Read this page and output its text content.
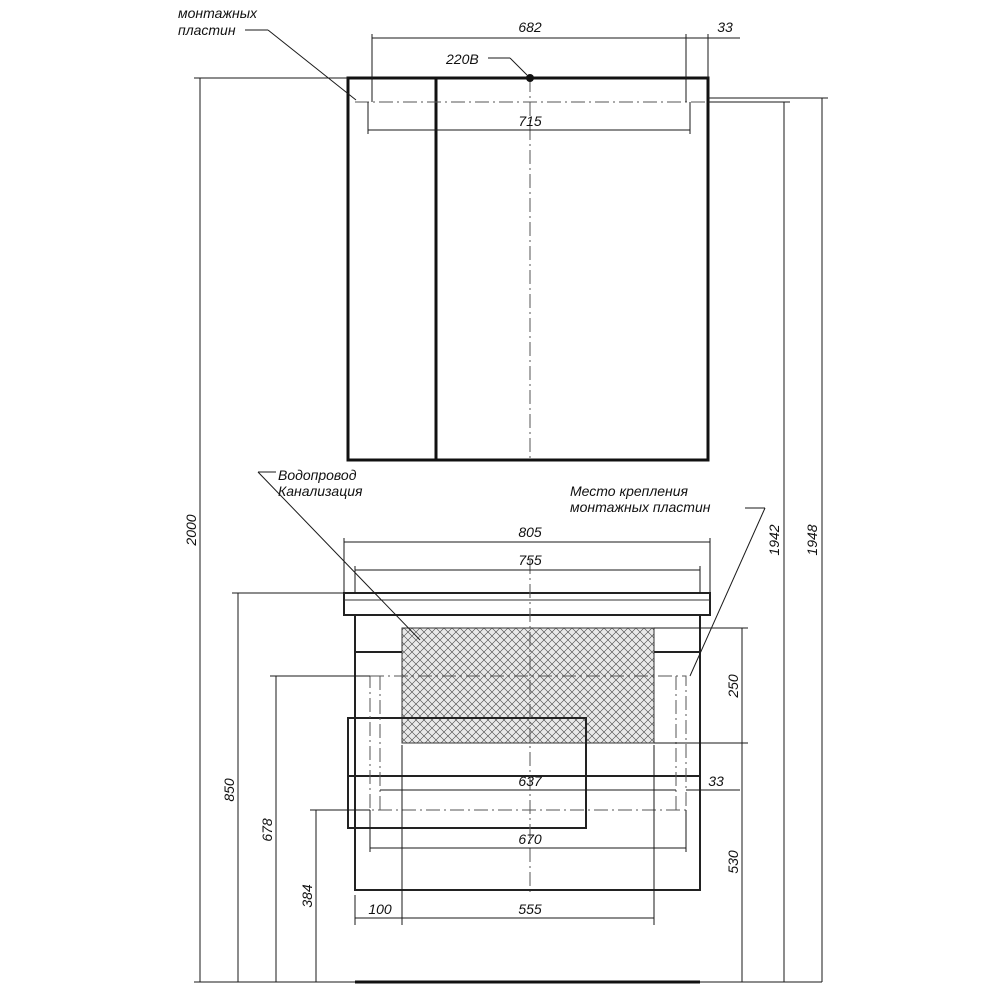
682	33
715
монтажных
пластин
220В
805
755
637	33
670
100	555
2000
850
678
384
1942 1948
250
530
Водопровод
Канализация	Место крепления
монтажных пластин
